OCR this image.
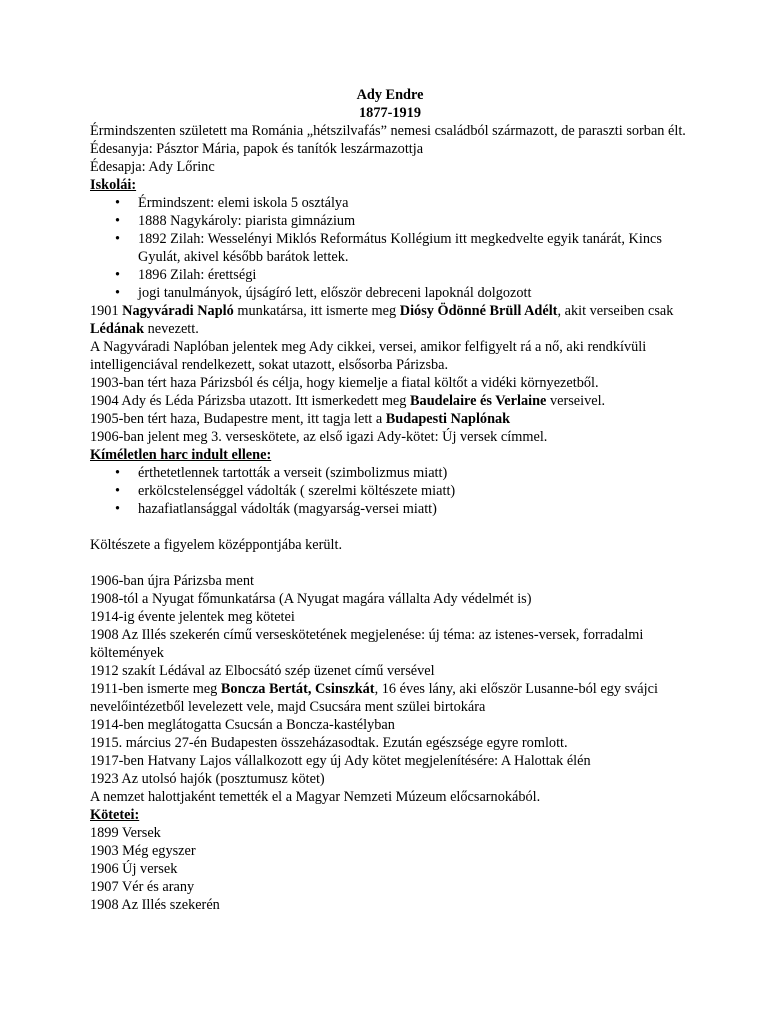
Ady Endre
1877-1919
Érmindszenten született ma Románia „hétszilvafás” nemesi családból származott, de paraszti sorban élt.
Édesanyja: Pásztor Mária, papok és tanítók leszármazottja
Édesapja: Ady Lőrinc
Iskolái:
• Érmindszent: elemi iskola 5 osztálya
• 1888 Nagykároly: piarista gimnázium
• 1892 Zilah: Wesselényi Miklós Református Kollégium itt megkedvelte egyik tanárát, Kincs Gyulát, akivel később barátok lettek.
• 1896 Zilah: érettségi
• jogi tanulmányok, újságíró lett, először debreceni lapoknál dolgozott
1901 Nagyváradi Napló munkatársa, itt ismerte meg Diósy Ödönné Brüll Adélt, akit verseiben csak Lédának nevezett.
A Nagyváradi Naplóban jelentek meg Ady cikkei, versei, amikor felfigyelt rá a nő, aki rendkívüli intelligenciával rendelkezett, sokat utazott, elsősorba Párizsba.
1903-ban tért haza Párizsból és célja, hogy kiemelje a fiatal költőt a vidéki környezetből.
1904 Ady és Léda Párizsba utazott. Itt ismerkedett meg Baudelaire és Verlaine verseivel.
1905-ben tért haza, Budapestre ment, itt tagja lett a Budapesti Naplónak
1906-ban jelent meg 3. verseskötete, az első igazi Ady-kötet: Új versek címmel.
Kíméletlen harc indult ellene:
• érthetetlennek tartották a verseit (szimbolizmus miatt)
• erkölcstelenséggel vádolták ( szerelmi költészete miatt)
• hazafiatlansággal vádolták (magyarság-versei miatt)
Költészete a figyelem középpontjába került.
1906-ban újra Párizsba ment
1908-tól a Nyugat főmunkatársa (A Nyugat magára vállalta Ady védelmét is)
1914-ig évente jelentek meg kötetei
1908 Az Illés szekerén című verseskötetének megjelenése: új téma: az istenes-versek, forradalmi költemények
1912 szakít Lédával az Elbocsátó szép üzenet című versével
1911-ben ismerte meg Boncza Bertát, Csinszkát, 16 éves lány, aki először Lusanne-ból egy svájci nevelőintézetből levelezett vele, majd Csucsára ment szülei birtokára
1914-ben meglátogatta Csucsán a Boncza-kastélyban
1915. március 27-én Budapesten összeházasodtak. Ezután egészsége egyre romlott.
1917-ben Hatvany Lajos vállalkozott egy új Ady kötet megjelenítésére: A Halottak élén
1923 Az utolsó hajók (posztumusz kötet)
A nemzet halottjaként temették el a Magyar Nemzeti Múzeum előcsarnokából.
Kötetei:
1899 Versek
1903 Még egyszer
1906 Új versek
1907 Vér és arany
1908 Az Illés szekerén
